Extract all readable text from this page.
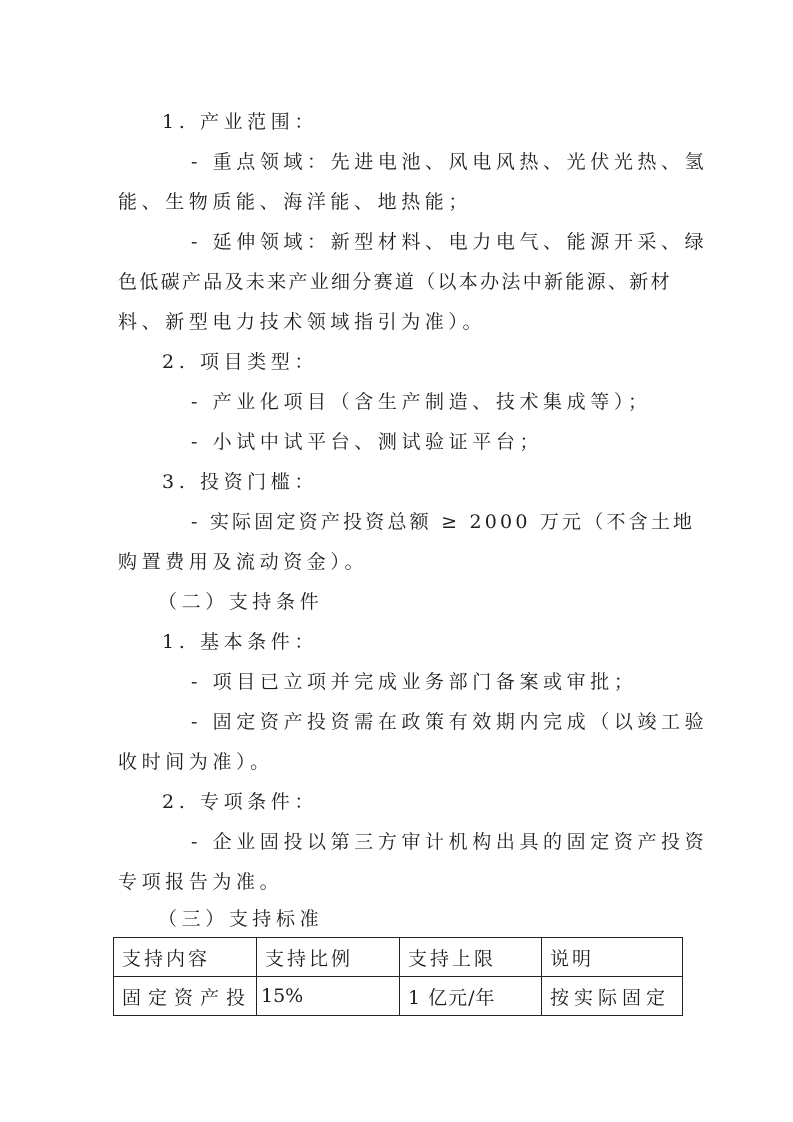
1. 产业范围：
- 重点领域：先进电池、风电风热、光伏光热、氢
能、生物质能、海洋能、地热能；
- 延伸领域：新型材料、电力电气、能源开采、绿
色低碳产品及未来产业细分赛道（以本办法中新能源、新材
料、新型电力技术领域指引为准）。
2. 项目类型：
- 产业化项目（含生产制造、技术集成等）；
- 小试中试平台、测试验证平台；
3. 投资门槛：
- 实际固定资产投资总额 ≥ 2000 万元（不含土地
购置费用及流动资金）。
（二）支持条件
1. 基本条件：
- 项目已立项并完成业务部门备案或审批；
- 固定资产投资需在政策有效期内完成（以竣工验
收时间为准）。
2. 专项条件：
- 企业固投以第三方审计机构出具的固定资产投资
专项报告为准。
（三）支持标准
支持内容	支持比例	支持上限	说明
固定资产投	15%	1 亿元/年	按实际固定
